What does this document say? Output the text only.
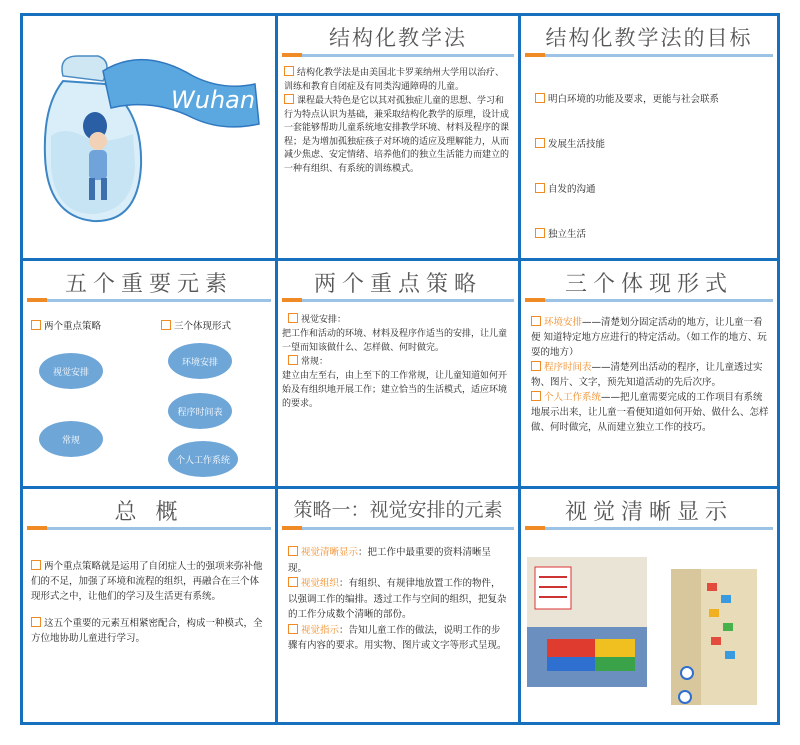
Wuhan
结构化教学法
结构化教学法是由美国北卡罗莱纳州大学用以治疗、训练和教育自闭症及有同类沟通障碍的儿童。
课程最大特色是它以其对孤独症儿童的思想、学习和行为特点认识为基础，兼采取结构化教学的原理，设计成一套能够帮助儿童系统地安排教学环境、材料及程序的课程；是为增加孤独症孩子对环境的适应及理解能力，从而减少焦虑、安定情绪、培养他们的独立生活能力而建立的一种有组织、有系统的训练模式。
结构化教学法的目标
明白环境的功能及要求，更能与社会联系
发展生活技能
自发的沟通
独立生活
五个重要元素
两个重点策略	三个体现形式
视觉安排
常规
环境安排
程序时间表
个人工作系统
两个重点策略
视觉安排：
把工作和活动的环境、材料及程序作适当的安排，让儿童一望而知该做什么、怎样做、何时做完。
常规：
建立由左至右，由上至下的工作常规，让儿童知道如何开始及有组织地开展工作；建立恰当的生活模式，适应环境的要求。
三个体现形式
环境安排——清楚划分固定活动的地方，让儿童一看便 知道特定地方应进行的特定活动。（如工作的地方、玩耍的地方）
程序时间表——清楚列出活动的程序，让儿童透过实物、图片、文字，预先知道活动的先后次序。
个人工作系统——把儿童需要完成的工作项目有系统地展示出来，让儿童一看便知道如何开始、做什么、怎样做、何时做完，从而建立独立工作的技巧。
总 概
两个重点策略就是运用了自闭症人士的强项来弥补他们的不足，加强了环境和流程的组织，再融合在三个体现形式之中，让他们的学习及生活更有系统。
这五个重要的元素互相紧密配合，构成一种模式，全方位地协助儿童进行学习。
策略一：视觉安排的元素
视觉清晰显示：把工作中最重要的资料清晰呈现。
视觉组织：有组织、有规律地放置工作的物件，以强调工作的编排。透过工作与空间的组织，把复杂的工作分成数个清晰的部份。
视觉指示：告知儿童工作的做法，说明工作的步骤有内容的要求。用实物、图片或文字等形式呈现。
视觉清晰显示
